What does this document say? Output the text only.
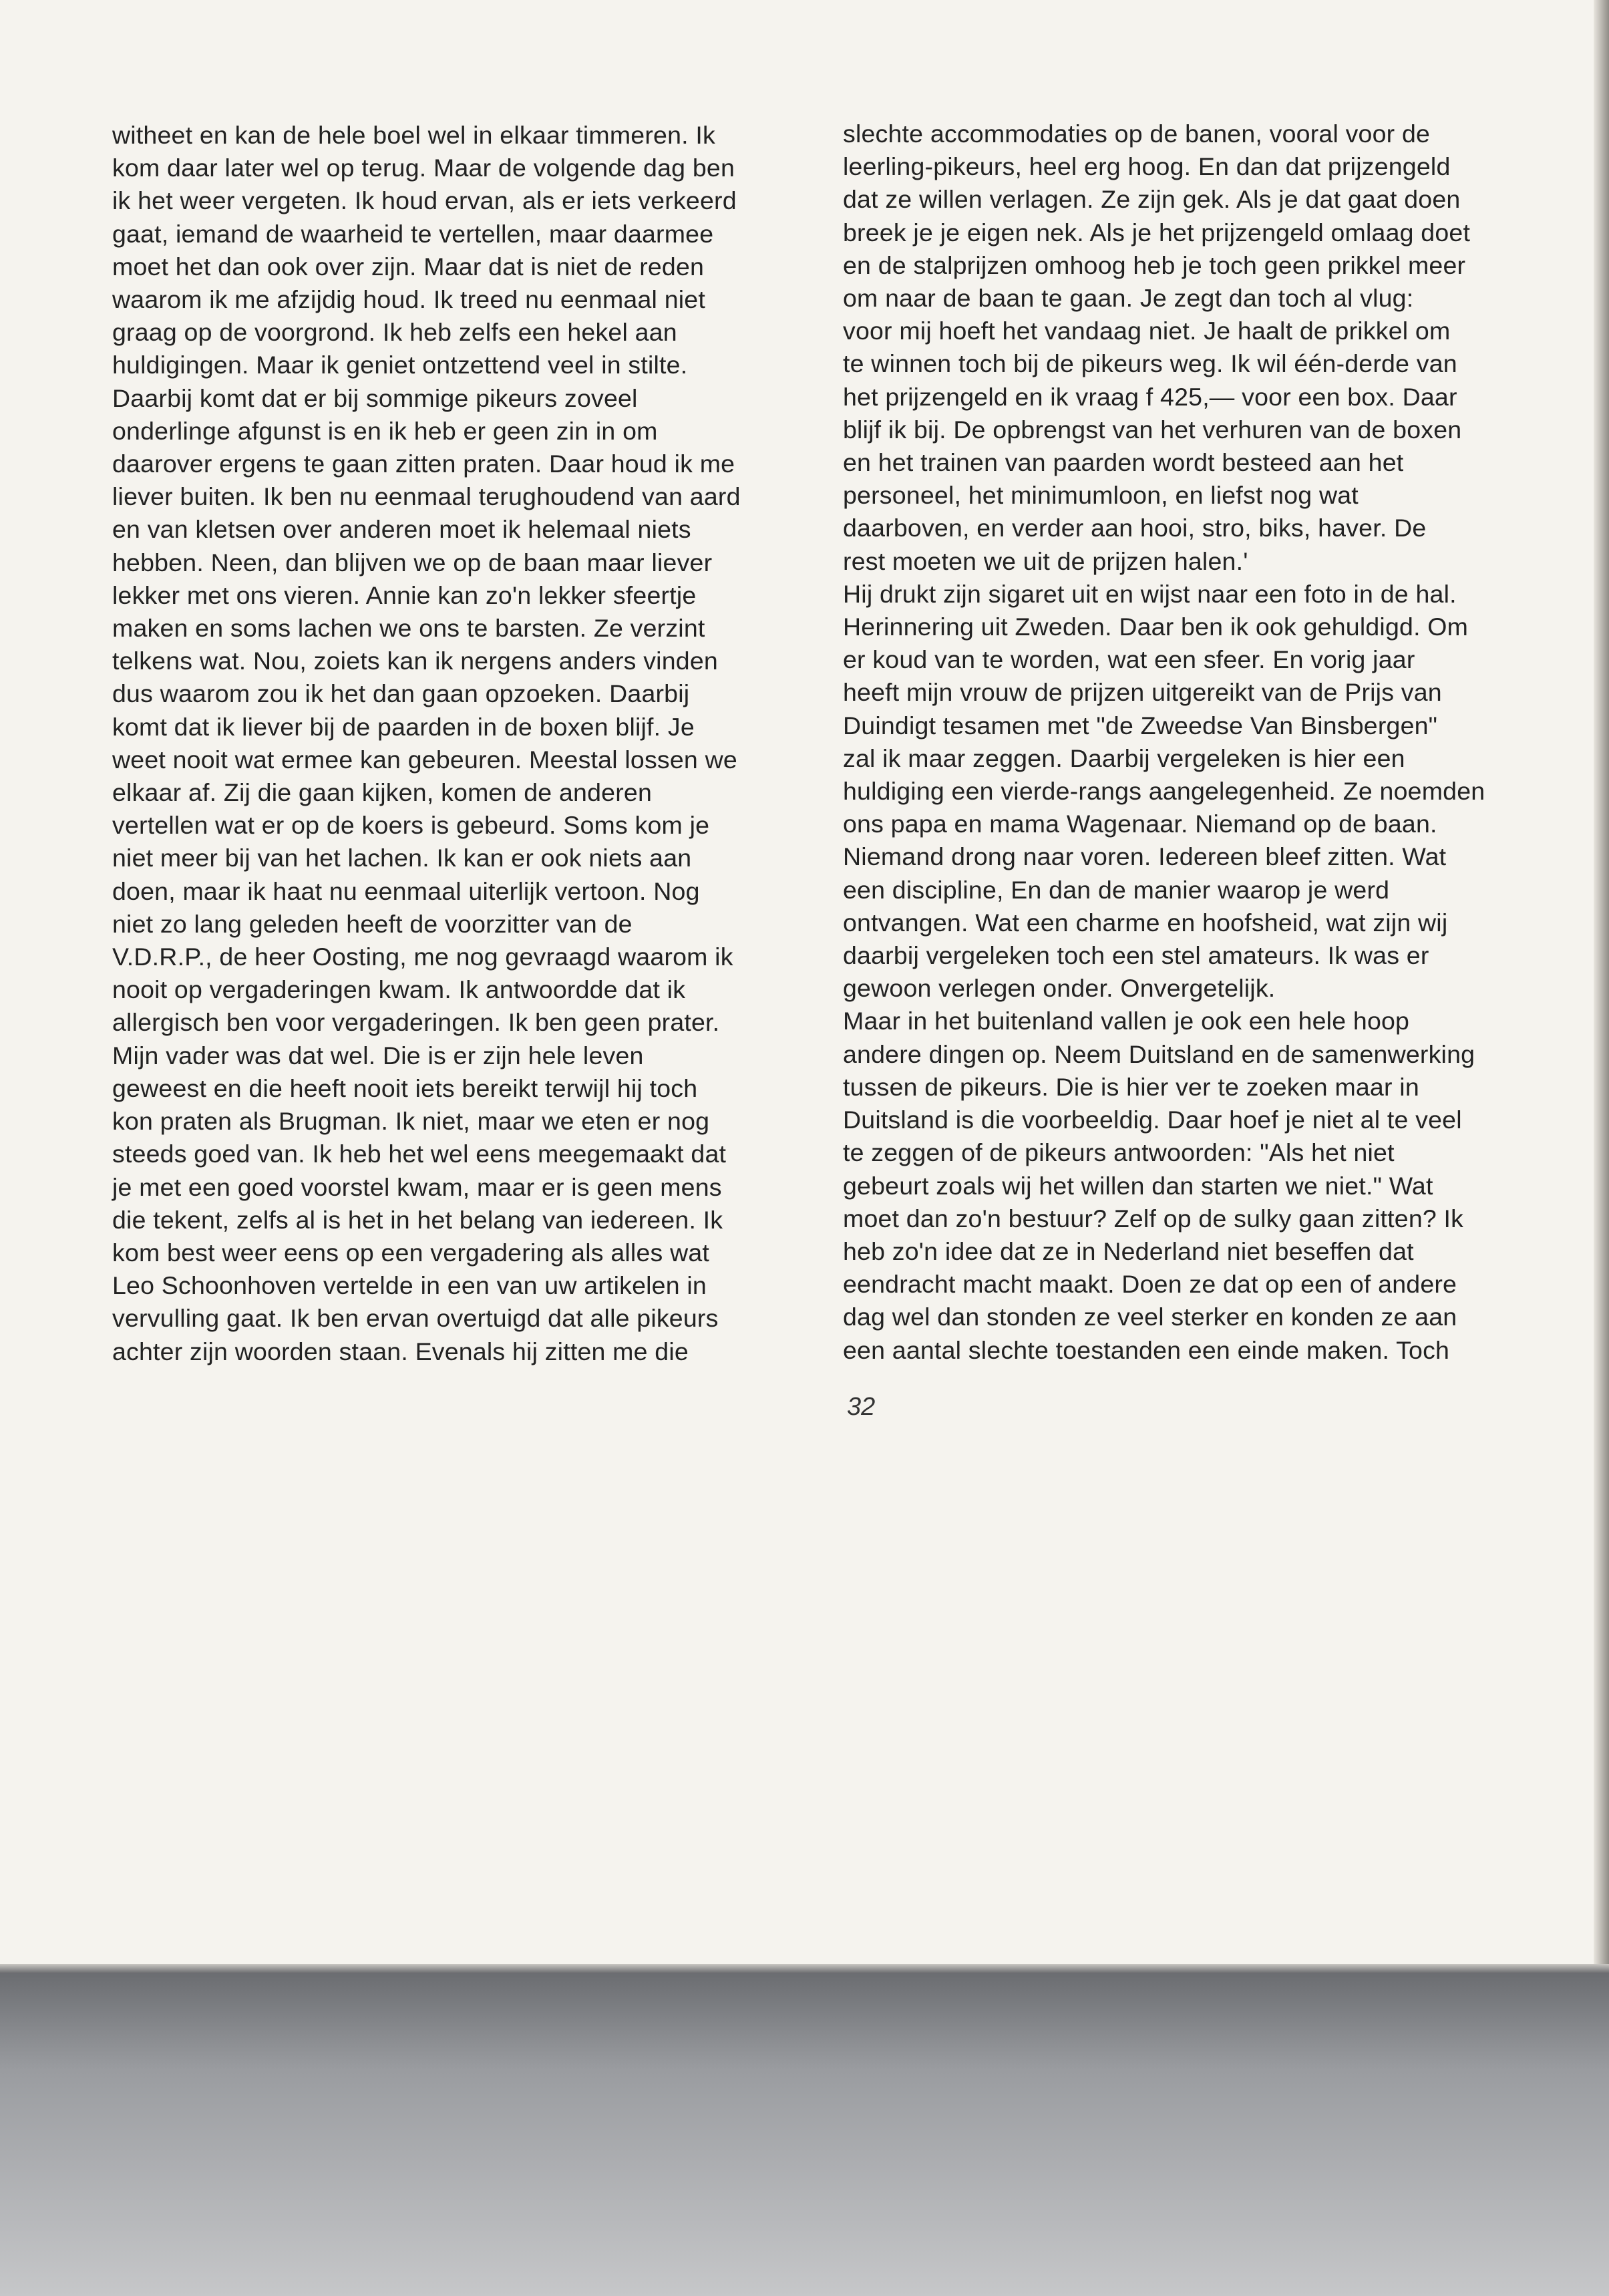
witheet en kan de hele boel wel in elkaar timmeren. Ik
kom daar later wel op terug. Maar de volgende dag ben
ik het weer vergeten. Ik houd ervan, als er iets verkeerd
gaat, iemand de waarheid te vertellen, maar daarmee
moet het dan ook over zijn. Maar dat is niet de reden
waarom ik me afzijdig houd. Ik treed nu eenmaal niet
graag op de voorgrond. Ik heb zelfs een hekel aan
huldigingen. Maar ik geniet ontzettend veel in stilte.
Daarbij komt dat er bij sommige pikeurs zoveel
onderlinge afgunst is en ik heb er geen zin in om
daarover ergens te gaan zitten praten. Daar houd ik me
liever buiten. Ik ben nu eenmaal terughoudend van aard
en van kletsen over anderen moet ik helemaal niets
hebben. Neen, dan blijven we op de baan maar liever
lekker met ons vieren. Annie kan zo'n lekker sfeertje
maken en soms lachen we ons te barsten. Ze verzint
telkens wat. Nou, zoiets kan ik nergens anders vinden
dus waarom zou ik het dan gaan opzoeken. Daarbij
komt dat ik liever bij de paarden in de boxen blijf. Je
weet nooit wat ermee kan gebeuren. Meestal lossen we
elkaar af. Zij die gaan kijken, komen de anderen
vertellen wat er op de koers is gebeurd. Soms kom je
niet meer bij van het lachen. Ik kan er ook niets aan
doen, maar ik haat nu eenmaal uiterlijk vertoon. Nog
niet zo lang geleden heeft de voorzitter van de
V.D.R.P., de heer Oosting, me nog gevraagd waarom ik
nooit op vergaderingen kwam. Ik antwoordde dat ik
allergisch ben voor vergaderingen. Ik ben geen prater.
Mijn vader was dat wel. Die is er zijn hele leven
geweest en die heeft nooit iets bereikt terwijl hij toch
kon praten als Brugman. Ik niet, maar we eten er nog
steeds goed van. Ik heb het wel eens meegemaakt dat
je met een goed voorstel kwam, maar er is geen mens
die tekent, zelfs al is het in het belang van iedereen. Ik
kom best weer eens op een vergadering als alles wat
Leo Schoonhoven vertelde in een van uw artikelen in
vervulling gaat. Ik ben ervan overtuigd dat alle pikeurs
achter zijn woorden staan. Evenals hij zitten me die
slechte accommodaties op de banen, vooral voor de
leerling-pikeurs, heel erg hoog. En dan dat prijzengeld
dat ze willen verlagen. Ze zijn gek. Als je dat gaat doen
breek je je eigen nek. Als je het prijzengeld omlaag doet
en de stalprijzen omhoog heb je toch geen prikkel meer
om naar de baan te gaan. Je zegt dan toch al vlug:
voor mij hoeft het vandaag niet. Je haalt de prikkel om
te winnen toch bij de pikeurs weg. Ik wil één-derde van
het prijzengeld en ik vraag f 425,— voor een box. Daar
blijf ik bij. De opbrengst van het verhuren van de boxen
en het trainen van paarden wordt besteed aan het
personeel, het minimumloon, en liefst nog wat
daarboven, en verder aan hooi, stro, biks, haver. De
rest moeten we uit de prijzen halen.'
Hij drukt zijn sigaret uit en wijst naar een foto in de hal.
Herinnering uit Zweden. Daar ben ik ook gehuldigd. Om
er koud van te worden, wat een sfeer. En vorig jaar
heeft mijn vrouw de prijzen uitgereikt van de Prijs van
Duindigt tesamen met "de Zweedse Van Binsbergen"
zal ik maar zeggen. Daarbij vergeleken is hier een
huldiging een vierde-rangs aangelegenheid. Ze noemden
ons papa en mama Wagenaar. Niemand op de baan.
Niemand drong naar voren. Iedereen bleef zitten. Wat
een discipline, En dan de manier waarop je werd
ontvangen. Wat een charme en hoofsheid, wat zijn wij
daarbij vergeleken toch een stel amateurs. Ik was er
gewoon verlegen onder. Onvergetelijk.
Maar in het buitenland vallen je ook een hele hoop
andere dingen op. Neem Duitsland en de samenwerking
tussen de pikeurs. Die is hier ver te zoeken maar in
Duitsland is die voorbeeldig. Daar hoef je niet al te veel
te zeggen of de pikeurs antwoorden: "Als het niet
gebeurt zoals wij het willen dan starten we niet." Wat
moet dan zo'n bestuur? Zelf op de sulky gaan zitten? Ik
heb zo'n idee dat ze in Nederland niet beseffen dat
eendracht macht maakt. Doen ze dat op een of andere
dag wel dan stonden ze veel sterker en konden ze aan
een aantal slechte toestanden een einde maken. Toch
32
